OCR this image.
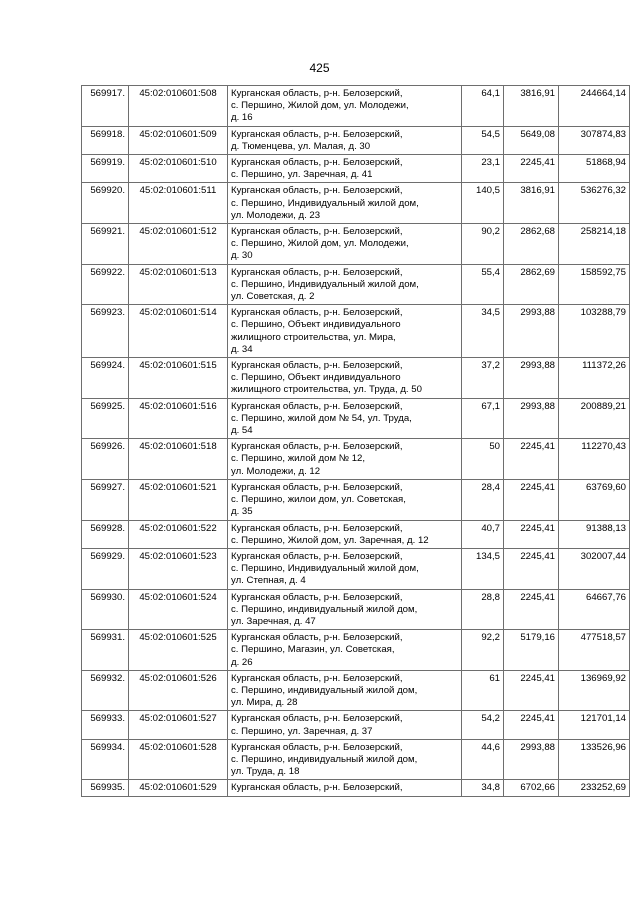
425
569917.	45:02:010601:508	Курганская область, р-н. Белозерский,
с. Першино, Жилой дом, ул. Молодежи,
д. 16	64,1	3816,91	244664,14
569918.	45:02:010601:509	Курганская область, р-н. Белозерский,
д. Тюменцева, ул. Малая, д. 30	54,5	5649,08	307874,83
569919.	45:02:010601:510	Курганская область, р-н. Белозерский,
с. Першино, ул. Заречная, д. 41	23,1	2245,41	51868,94
569920.	45:02:010601:511	Курганская область, р-н. Белозерский,
с. Першино, Индивидуальный жилой дом,
ул. Молодежи, д. 23	140,5	3816,91	536276,32
569921.	45:02:010601:512	Курганская область, р-н. Белозерский,
с. Першино, Жилой дом, ул. Молодежи,
д. 30	90,2	2862,68	258214,18
569922.	45:02:010601:513	Курганская область, р-н. Белозерский,
с. Першино, Индивидуальный жилой дом,
ул. Советская, д. 2	55,4	2862,69	158592,75
569923.	45:02:010601:514	Курганская область, р-н. Белозерский,
с. Першино, Объект индивидуального
жилищного строительства, ул. Мира,
д. 34	34,5	2993,88	103288,79
569924.	45:02:010601:515	Курганская область, р-н. Белозерский,
с. Першино, Объект индивидуального
жилищного строительства, ул. Труда, д. 50	37,2	2993,88	111372,26
569925.	45:02:010601:516	Курганская область, р-н. Белозерский,
с. Першино, жилой дом № 54, ул. Труда,
д. 54	67,1	2993,88	200889,21
569926.	45:02:010601:518	Курганская область, р-н. Белозерский,
с. Першино, жилой дом № 12,
ул. Молодежи, д. 12	50	2245,41	112270,43
569927.	45:02:010601:521	Курганская область, р-н. Белозерский,
с. Першино, жилои дом, ул. Советская,
д. 35	28,4	2245,41	63769,60
569928.	45:02:010601:522	Курганская область, р-н. Белозерский,
с. Першино, Жилой дом, ул. Заречная, д. 12	40,7	2245,41	91388,13
569929.	45:02:010601:523	Курганская область, р-н. Белозерский,
с. Першино, Индивидуальный жилой дом,
ул. Степная, д. 4	134,5	2245,41	302007,44
569930.	45:02:010601:524	Курганская область, р-н. Белозерский,
с. Першино, индивидуальный жилой дом,
ул. Заречная, д. 47	28,8	2245,41	64667,76
569931.	45:02:010601:525	Курганская область, р-н. Белозерский,
с. Першино, Магазин, ул. Советская,
д. 26	92,2	5179,16	477518,57
569932.	45:02:010601:526	Курганская область, р-н. Белозерский,
с. Першино, индивидуальный жилой дом,
ул. Мира, д. 28	61	2245,41	136969,92
569933.	45:02:010601:527	Курганская область, р-н. Белозерский,
с. Першино, ул. Заречная, д. 37	54,2	2245,41	121701,14
569934.	45:02:010601:528	Курганская область, р-н. Белозерский,
с. Першино, индивидуальный жилой дом,
ул. Труда, д. 18	44,6	2993,88	133526,96
569935.	45:02:010601:529	Курганская область, р-н. Белозерский,	34,8	6702,66	233252,69
